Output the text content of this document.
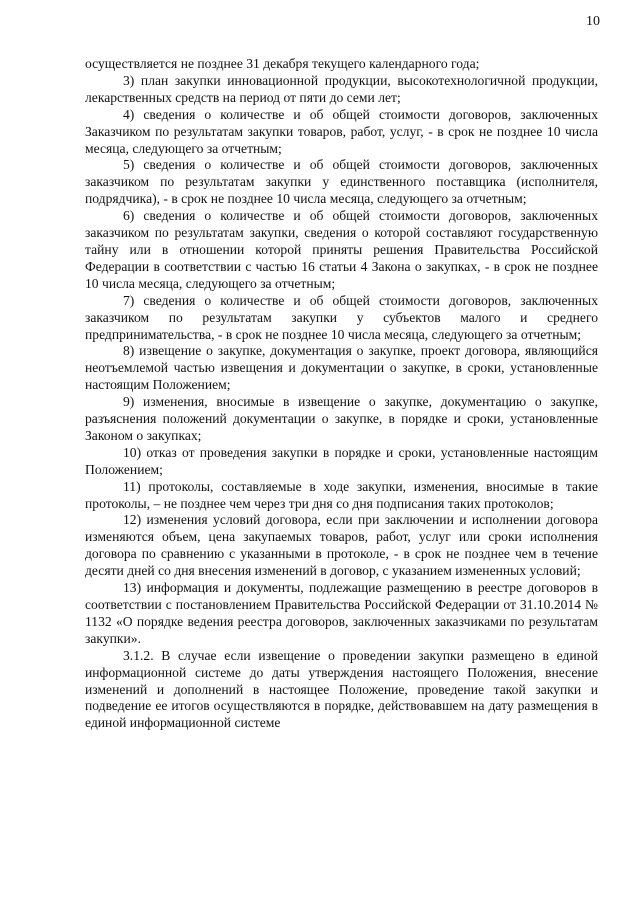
10

осуществляется не позднее 31 декабря текущего календарного года;

3) план закупки инновационной продукции, высокотехнологичной продукции, лекарственных средств на период от пяти до семи лет;

4) сведения о количестве и об общей стоимости договоров, заключенных Заказчиком по результатам закупки товаров, работ, услуг, - в срок не позднее 10 числа месяца, следующего за отчетным;

5) сведения о количестве и об общей стоимости договоров, заключенных заказчиком по результатам закупки у единственного поставщика (исполнителя, подрядчика), - в срок не позднее 10 числа месяца, следующего за отчетным;

6) сведения о количестве и об общей стоимости договоров, заключенных заказчиком по результатам закупки, сведения о которой составляют государственную тайну или в отношении которой приняты решения Правительства Российской Федерации в соответствии с частью 16 статьи 4 Закона о закупках, - в срок не позднее 10 числа месяца, следующего за отчетным;

7) сведения о количестве и об общей стоимости договоров, заключенных заказчиком по результатам закупки у субъектов малого и среднего предпринимательства, - в срок не позднее 10 числа месяца, следующего за отчетным;

8) извещение о закупке, документация о закупке, проект договора, являющийся неотъемлемой частью извещения и документации о закупке, в сроки, установленные настоящим Положением;

9) изменения, вносимые в извещение о закупке, документацию о закупке, разъяснения положений документации о закупке, в порядке и сроки, установленные Законом о закупках;

10) отказ от проведения закупки в порядке и сроки, установленные настоящим Положением;

11) протоколы, составляемые в ходе закупки, изменения, вносимые в такие протоколы, – не позднее чем через три дня со дня подписания таких протоколов;

12) изменения условий договора, если при заключении и исполнении договора изменяются объем, цена закупаемых товаров, работ, услуг или сроки исполнения договора по сравнению с указанными в протоколе, - в срок не позднее чем в течение десяти дней со дня внесения изменений в договор, с указанием измененных условий;

13) информация и документы, подлежащие размещению в реестре договоров в соответствии с постановлением Правительства Российской Федерации от 31.10.2014 № 1132 «О порядке ведения реестра договоров, заключенных заказчиками по результатам закупки».

3.1.2. В случае если извещение о проведении закупки размещено в единой информационной системе до даты утверждения настоящего Положения, внесение изменений и дополнений в настоящее Положение, проведение такой закупки и подведение ее итогов осуществляются в порядке, действовавшем на дату размещения в единой информационной системе
